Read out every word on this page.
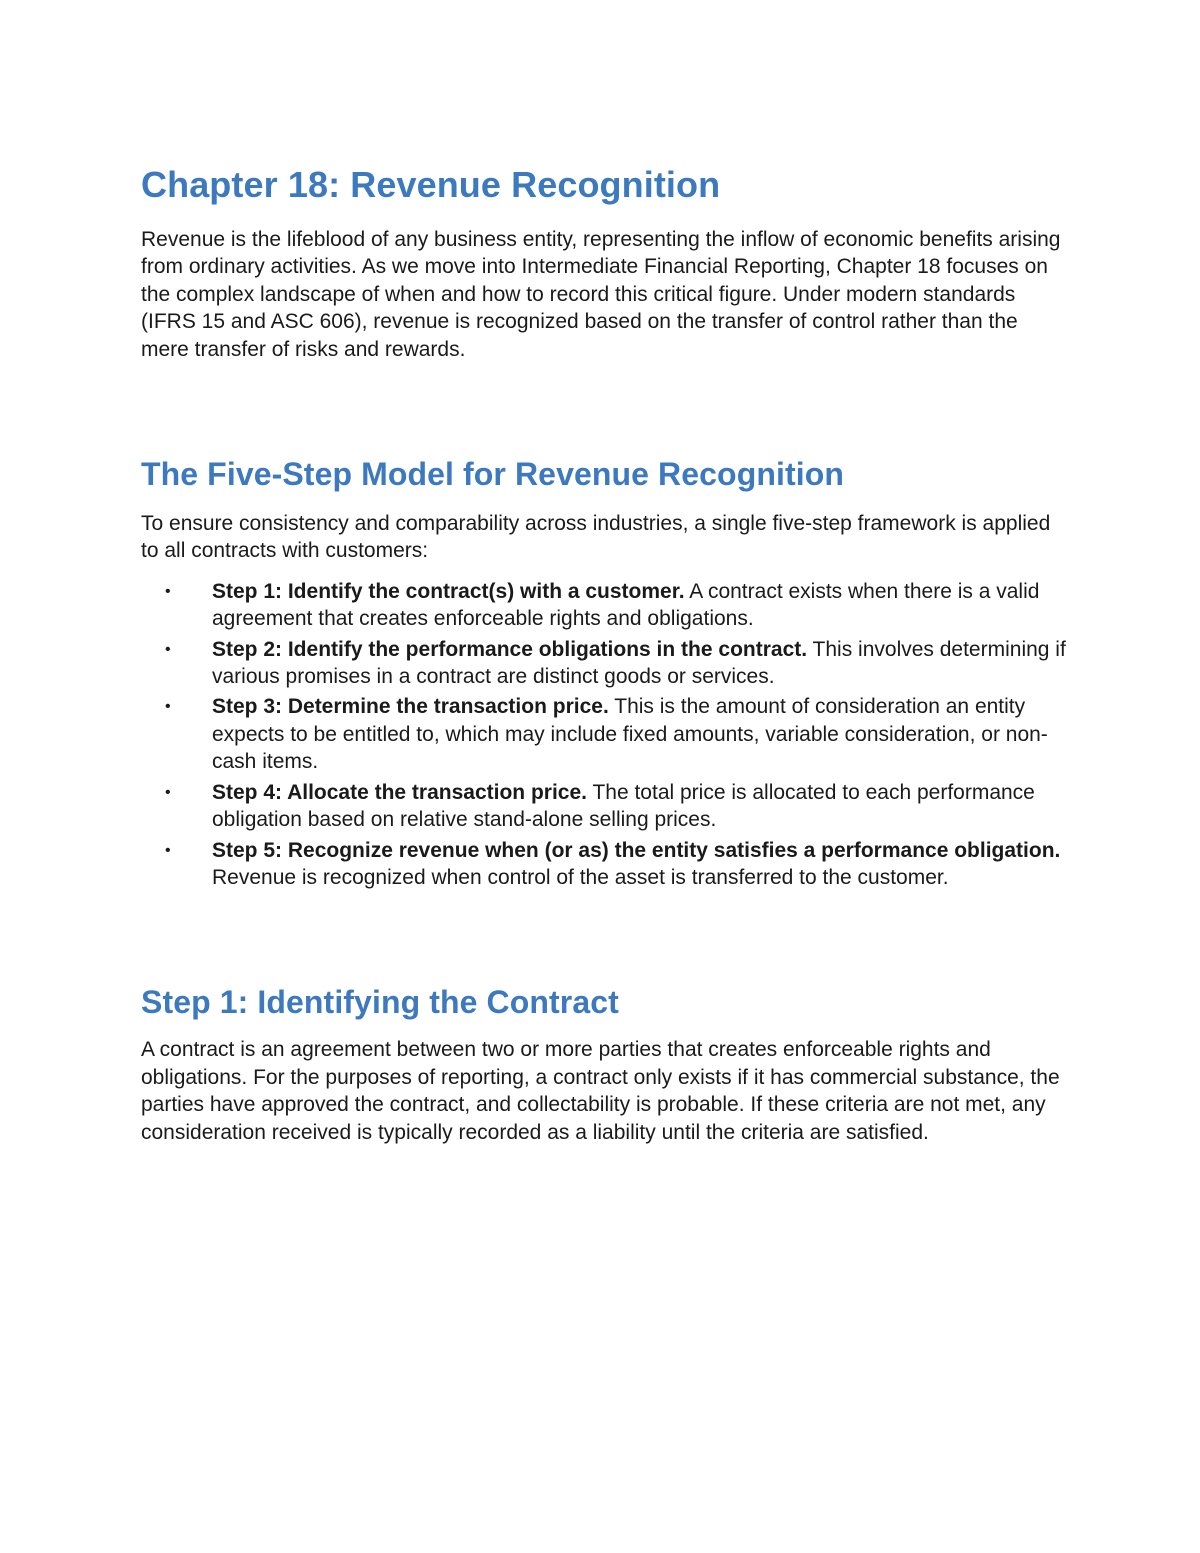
Chapter 18: Revenue Recognition

Revenue is the lifeblood of any business entity, representing the inflow of economic benefits arising from ordinary activities. As we move into Intermediate Financial Reporting, Chapter 18 focuses on the complex landscape of when and how to record this critical figure. Under modern standards (IFRS 15 and ASC 606), revenue is recognized based on the transfer of control rather than the mere transfer of risks and rewards.

The Five-Step Model for Revenue Recognition

To ensure consistency and comparability across industries, a single five-step framework is applied to all contracts with customers:

• Step 1: Identify the contract(s) with a customer. A contract exists when there is a valid agreement that creates enforceable rights and obligations.
• Step 2: Identify the performance obligations in the contract. This involves determining if various promises in a contract are distinct goods or services.
• Step 3: Determine the transaction price. This is the amount of consideration an entity expects to be entitled to, which may include fixed amounts, variable consideration, or non-cash items.
• Step 4: Allocate the transaction price. The total price is allocated to each performance obligation based on relative stand-alone selling prices.
• Step 5: Recognize revenue when (or as) the entity satisfies a performance obligation. Revenue is recognized when control of the asset is transferred to the customer.
Step 1: Identifying the Contract

A contract is an agreement between two or more parties that creates enforceable rights and obligations. For the purposes of reporting, a contract only exists if it has commercial substance, the parties have approved the contract, and collectability is probable. If these criteria are not met, any consideration received is typically recorded as a liability until the criteria are satisfied.
